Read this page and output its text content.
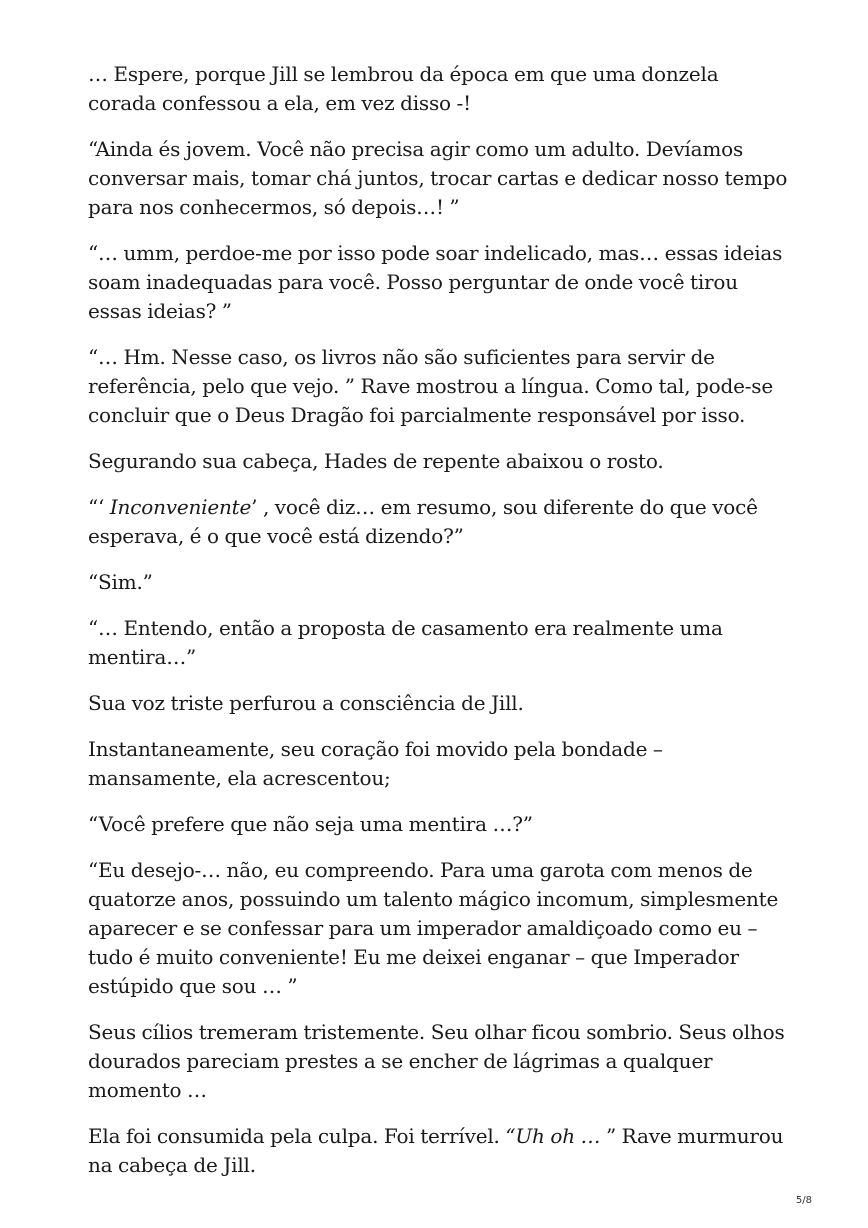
… Espere, porque Jill se lembrou da época em que uma donzela corada confessou a ela, em vez disso -!

“Ainda és jovem. Você não precisa agir como um adulto. Devíamos conversar mais, tomar chá juntos, trocar cartas e dedicar nosso tempo para nos conhecermos, só depois…! ”

“… umm, perdoe-me por isso pode soar indelicado, mas… essas ideias soam inadequadas para você. Posso perguntar de onde você tirou essas ideias? ”

“… Hm. Nesse caso, os livros não são suficientes para servir de referência, pelo que vejo. ” Rave mostrou a língua. Como tal, pode-se concluir que o Deus Dragão foi parcialmente responsável por isso.

Segurando sua cabeça, Hades de repente abaixou o rosto.

“‘ Inconveniente’ , você diz… em resumo, sou diferente do que você esperava, é o que você está dizendo?”

“Sim.”

“… Entendo, então a proposta de casamento era realmente uma mentira…”

Sua voz triste perfurou a consciência de Jill.

Instantaneamente, seu coração foi movido pela bondade – mansamente, ela acrescentou;

“Você prefere que não seja uma mentira …?”

“Eu desejo-… não, eu compreendo. Para uma garota com menos de quatorze anos, possuindo um talento mágico incomum, simplesmente aparecer e se confessar para um imperador amaldiçoado como eu – tudo é muito conveniente! Eu me deixei enganar – que Imperador estúpido que sou … ”

Seus cílios tremeram tristemente. Seu olhar ficou sombrio. Seus olhos dourados pareciam prestes a se encher de lágrimas a qualquer momento …

Ela foi consumida pela culpa. Foi terrível. “Uh oh … ” Rave murmurou na cabeça de Jill.

5/8
